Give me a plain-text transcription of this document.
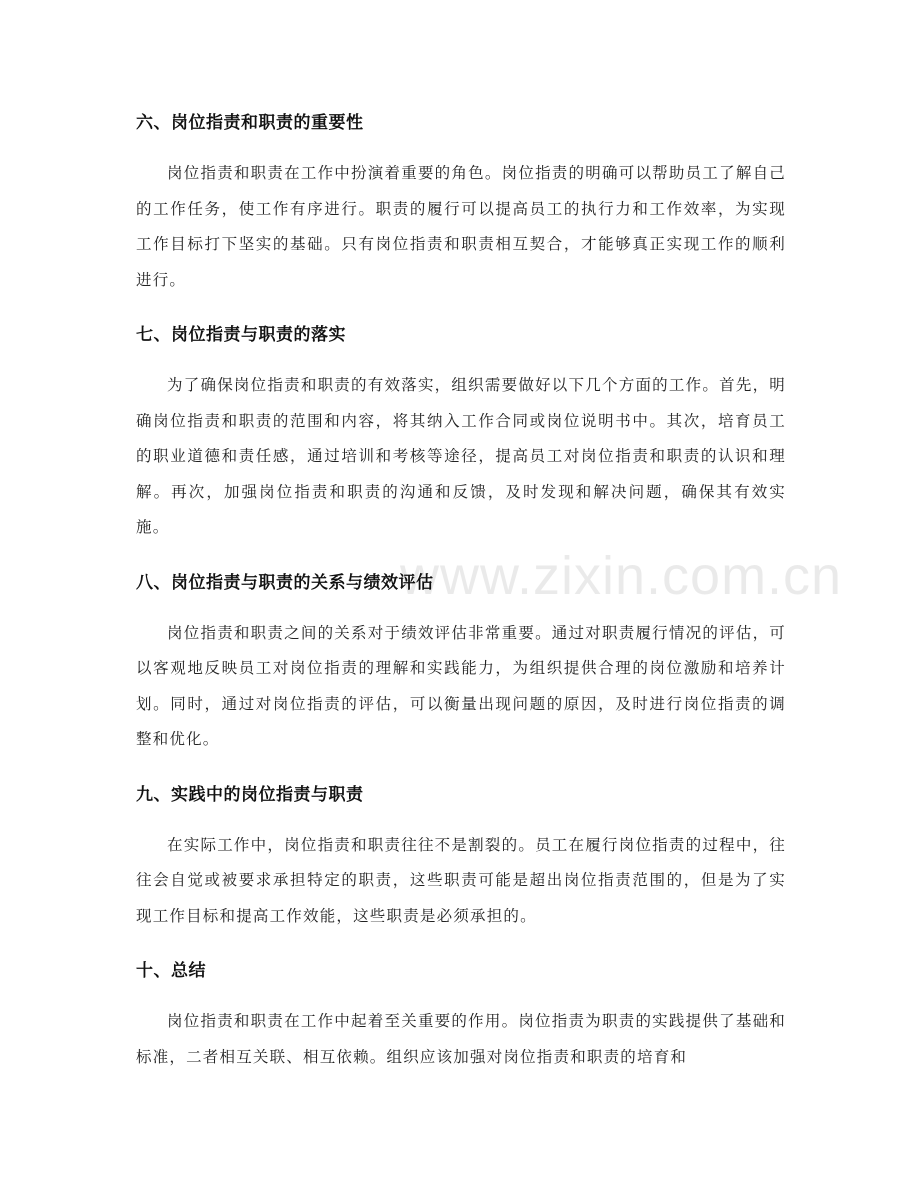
六、岗位指责和职责的重要性

岗位指责和职责在工作中扮演着重要的角色。岗位指责的明确可以帮助员工了解自己的工作任务，使工作有序进行。职责的履行可以提高员工的执行力和工作效率，为实现工作目标打下坚实的基础。只有岗位指责和职责相互契合，才能够真正实现工作的顺利进行。

七、岗位指责与职责的落实

为了确保岗位指责和职责的有效落实，组织需要做好以下几个方面的工作。首先，明确岗位指责和职责的范围和内容，将其纳入工作合同或岗位说明书中。其次，培育员工的职业道德和责任感，通过培训和考核等途径，提高员工对岗位指责和职责的认识和理解。再次，加强岗位指责和职责的沟通和反馈，及时发现和解决问题，确保其有效实施。

八、岗位指责与职责的关系与绩效评估

岗位指责和职责之间的关系对于绩效评估非常重要。通过对职责履行情况的评估，可以客观地反映员工对岗位指责的理解和实践能力，为组织提供合理的岗位激励和培养计划。同时，通过对岗位指责的评估，可以衡量出现问题的原因，及时进行岗位指责的调整和优化。

九、实践中的岗位指责与职责

在实际工作中，岗位指责和职责往往不是割裂的。员工在履行岗位指责的过程中，往往会自觉或被要求承担特定的职责，这些职责可能是超出岗位指责范围的，但是为了实现工作目标和提高工作效能，这些职责是必须承担的。

十、总结

岗位指责和职责在工作中起着至关重要的作用。岗位指责为职责的实践提供了基础和标准，二者相互关联、相互依赖。组织应该加强对岗位指责和职责的培育和

www.zixin.com.cn
